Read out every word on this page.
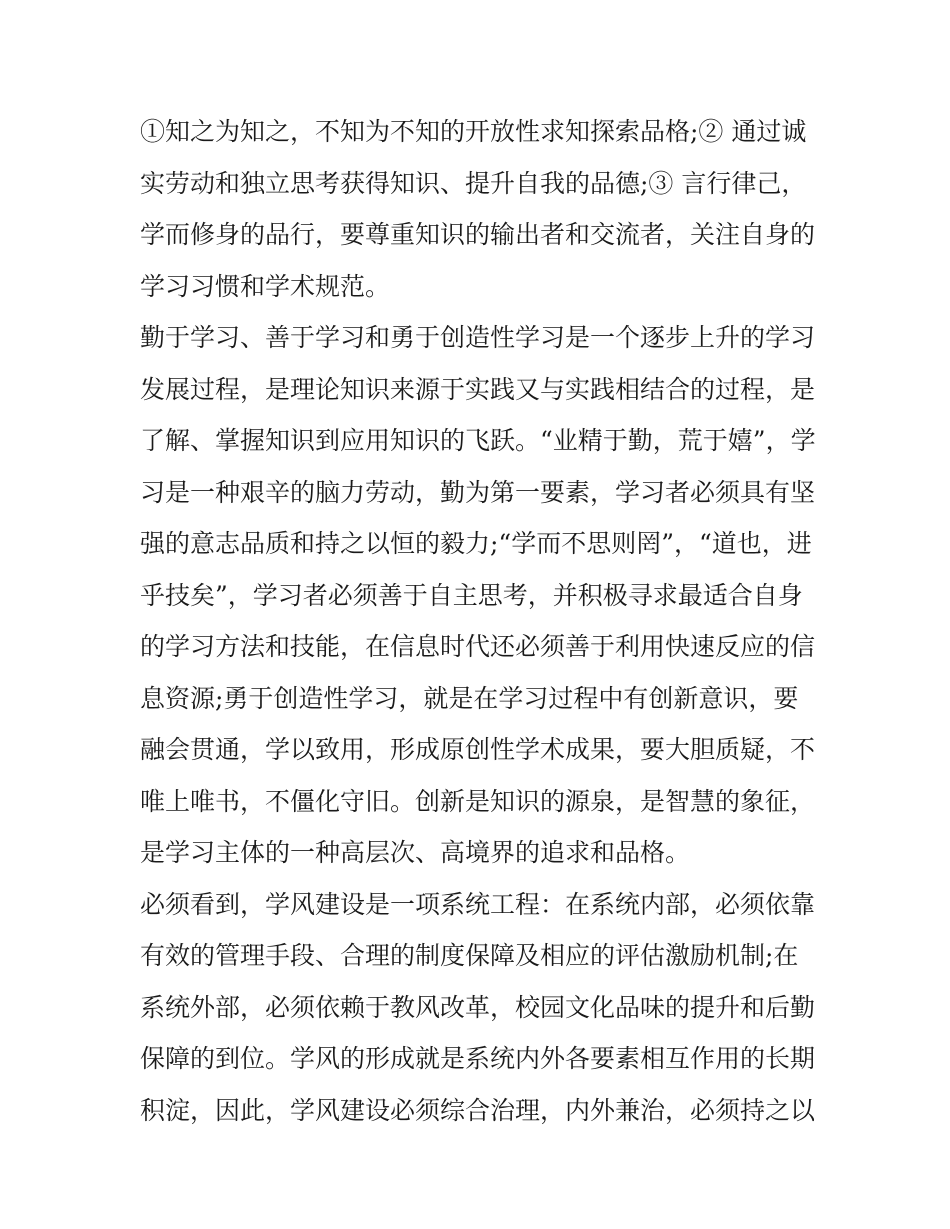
①知之为知之，不知为不知的开放性求知探索品格;② 通过诚
实劳动和独立思考获得知识、提升自我的品德;③ 言行律己，
学而修身的品行，要尊重知识的输出者和交流者，关注自身的
学习习惯和学术规范。
勤于学习、善于学习和勇于创造性学习是一个逐步上升的学习
发展过程，是理论知识来源于实践又与实践相结合的过程，是
了解、掌握知识到应用知识的飞跃。“业精于勤，荒于嬉”，学
习是一种艰辛的脑力劳动，勤为第一要素，学习者必须具有坚
强的意志品质和持之以恒的毅力;“学而不思则罔”，“道也，进
乎技矣”，学习者必须善于自主思考，并积极寻求最适合自身
的学习方法和技能，在信息时代还必须善于利用快速反应的信
息资源;勇于创造性学习，就是在学习过程中有创新意识，要
融会贯通，学以致用，形成原创性学术成果，要大胆质疑，不
唯上唯书，不僵化守旧。创新是知识的源泉，是智慧的象征，
是学习主体的一种高层次、高境界的追求和品格。
必须看到，学风建设是一项系统工程：在系统内部，必须依靠
有效的管理手段、合理的制度保障及相应的评估激励机制;在
系统外部，必须依赖于教风改革，校园文化品味的提升和后勤
保障的到位。学风的形成就是系统内外各要素相互作用的长期
积淀，因此，学风建设必须综合治理，内外兼治，必须持之以
